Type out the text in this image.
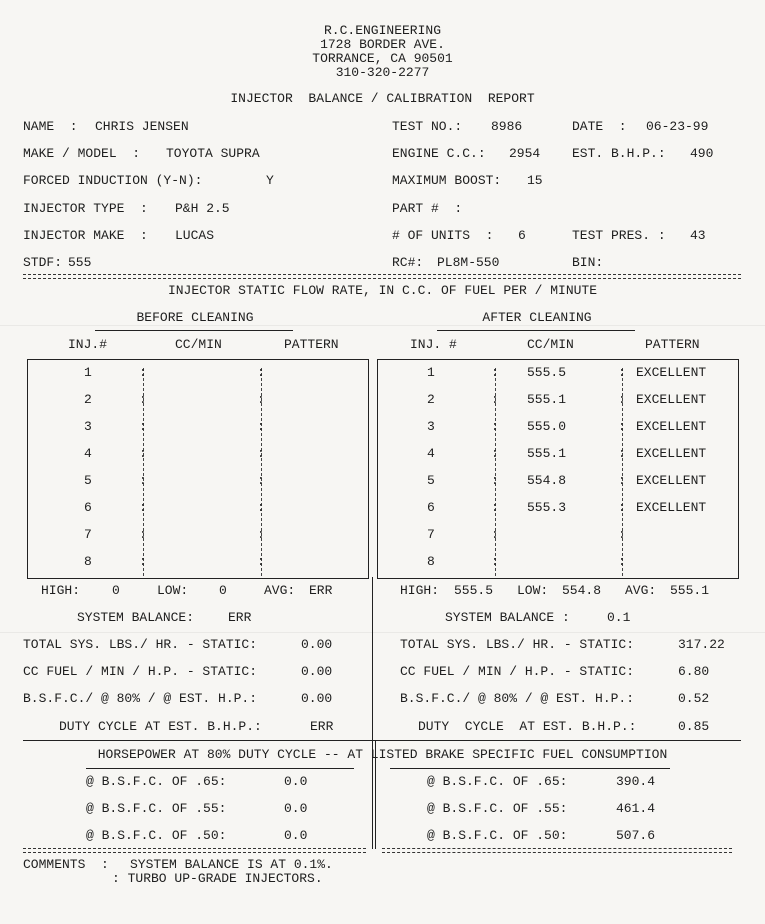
R.C.ENGINEERING
1728 BORDER AVE.
TORRANCE, CA 90501
310-320-2277
INJECTOR  BALANCE / CALIBRATION  REPORT
NAME  : CHRIS JENSEN	TEST NO.: 8986	DATE  : 06-23-99
MAKE / MODEL  : TOYOTA SUPRA	ENGINE C.C.: 2954 EST. B.H.P.: 490
FORCED INDUCTION (Y-N):	Y	MAXIMUM BOOST: 15
INJECTOR TYPE  : P&H 2.5	PART #  :
INJECTOR MAKE  : LUCAS	# OF UNITS  : 6	TEST PRES. : 43
STDF: 555	RC#: PL8M-550	BIN:
INJECTOR STATIC FLOW RATE, IN C.C. OF FUEL PER / MINUTE
BEFORE CLEANING	AFTER CLEANING
INJ.#	CC/MIN	PATTERN	INJ. #	CC/MIN	PATTERN
1	:	:	1	: 555.5	: EXCELLENT
2	:	:	2	: 555.1	: EXCELLENT
3	:	:	3	: 555.0	: EXCELLENT
4	:	:	4	: 555.1	: EXCELLENT
5	:	:	5	: 554.8	: EXCELLENT
6	:	:	6	: 555.3	: EXCELLENT
7	:	:	7	:	:
8	:	:	8	:	:
HIGH: 0	LOW: 0	AVG: ERR	HIGH: 555.5 LOW: 554.8 AVG: 555.1
SYSTEM BALANCE:	ERR	SYSTEM BALANCE :	0.1
TOTAL SYS. LBS./ HR. - STATIC:	0.00	TOTAL SYS. LBS./ HR. - STATIC:	317.22
CC FUEL / MIN / H.P. - STATIC:	0.00	CC FUEL / MIN / H.P. - STATIC:	6.80
B.S.F.C./ @ 80% / @ EST. H.P.:	0.00	B.S.F.C./ @ 80% / @ EST. H.P.:	0.52
DUTY CYCLE AT EST. B.H.P.:	ERR	DUTY  CYCLE  AT EST. B.H.P.:	0.85
HORSEPOWER AT 80% DUTY CYCLE -- AT LISTED BRAKE SPECIFIC FUEL CONSUMPTION
@ B.S.F.C. OF .65:	0.0	@ B.S.F.C. OF .65:	390.4
@ B.S.F.C. OF .55:	0.0	@ B.S.F.C. OF .55:	461.4
@ B.S.F.C. OF .50:	0.0	@ B.S.F.C. OF .50:	507.6
COMMENTS  : SYSTEM BALANCE IS AT 0.1%.
: TURBO UP-GRADE INJECTORS.
